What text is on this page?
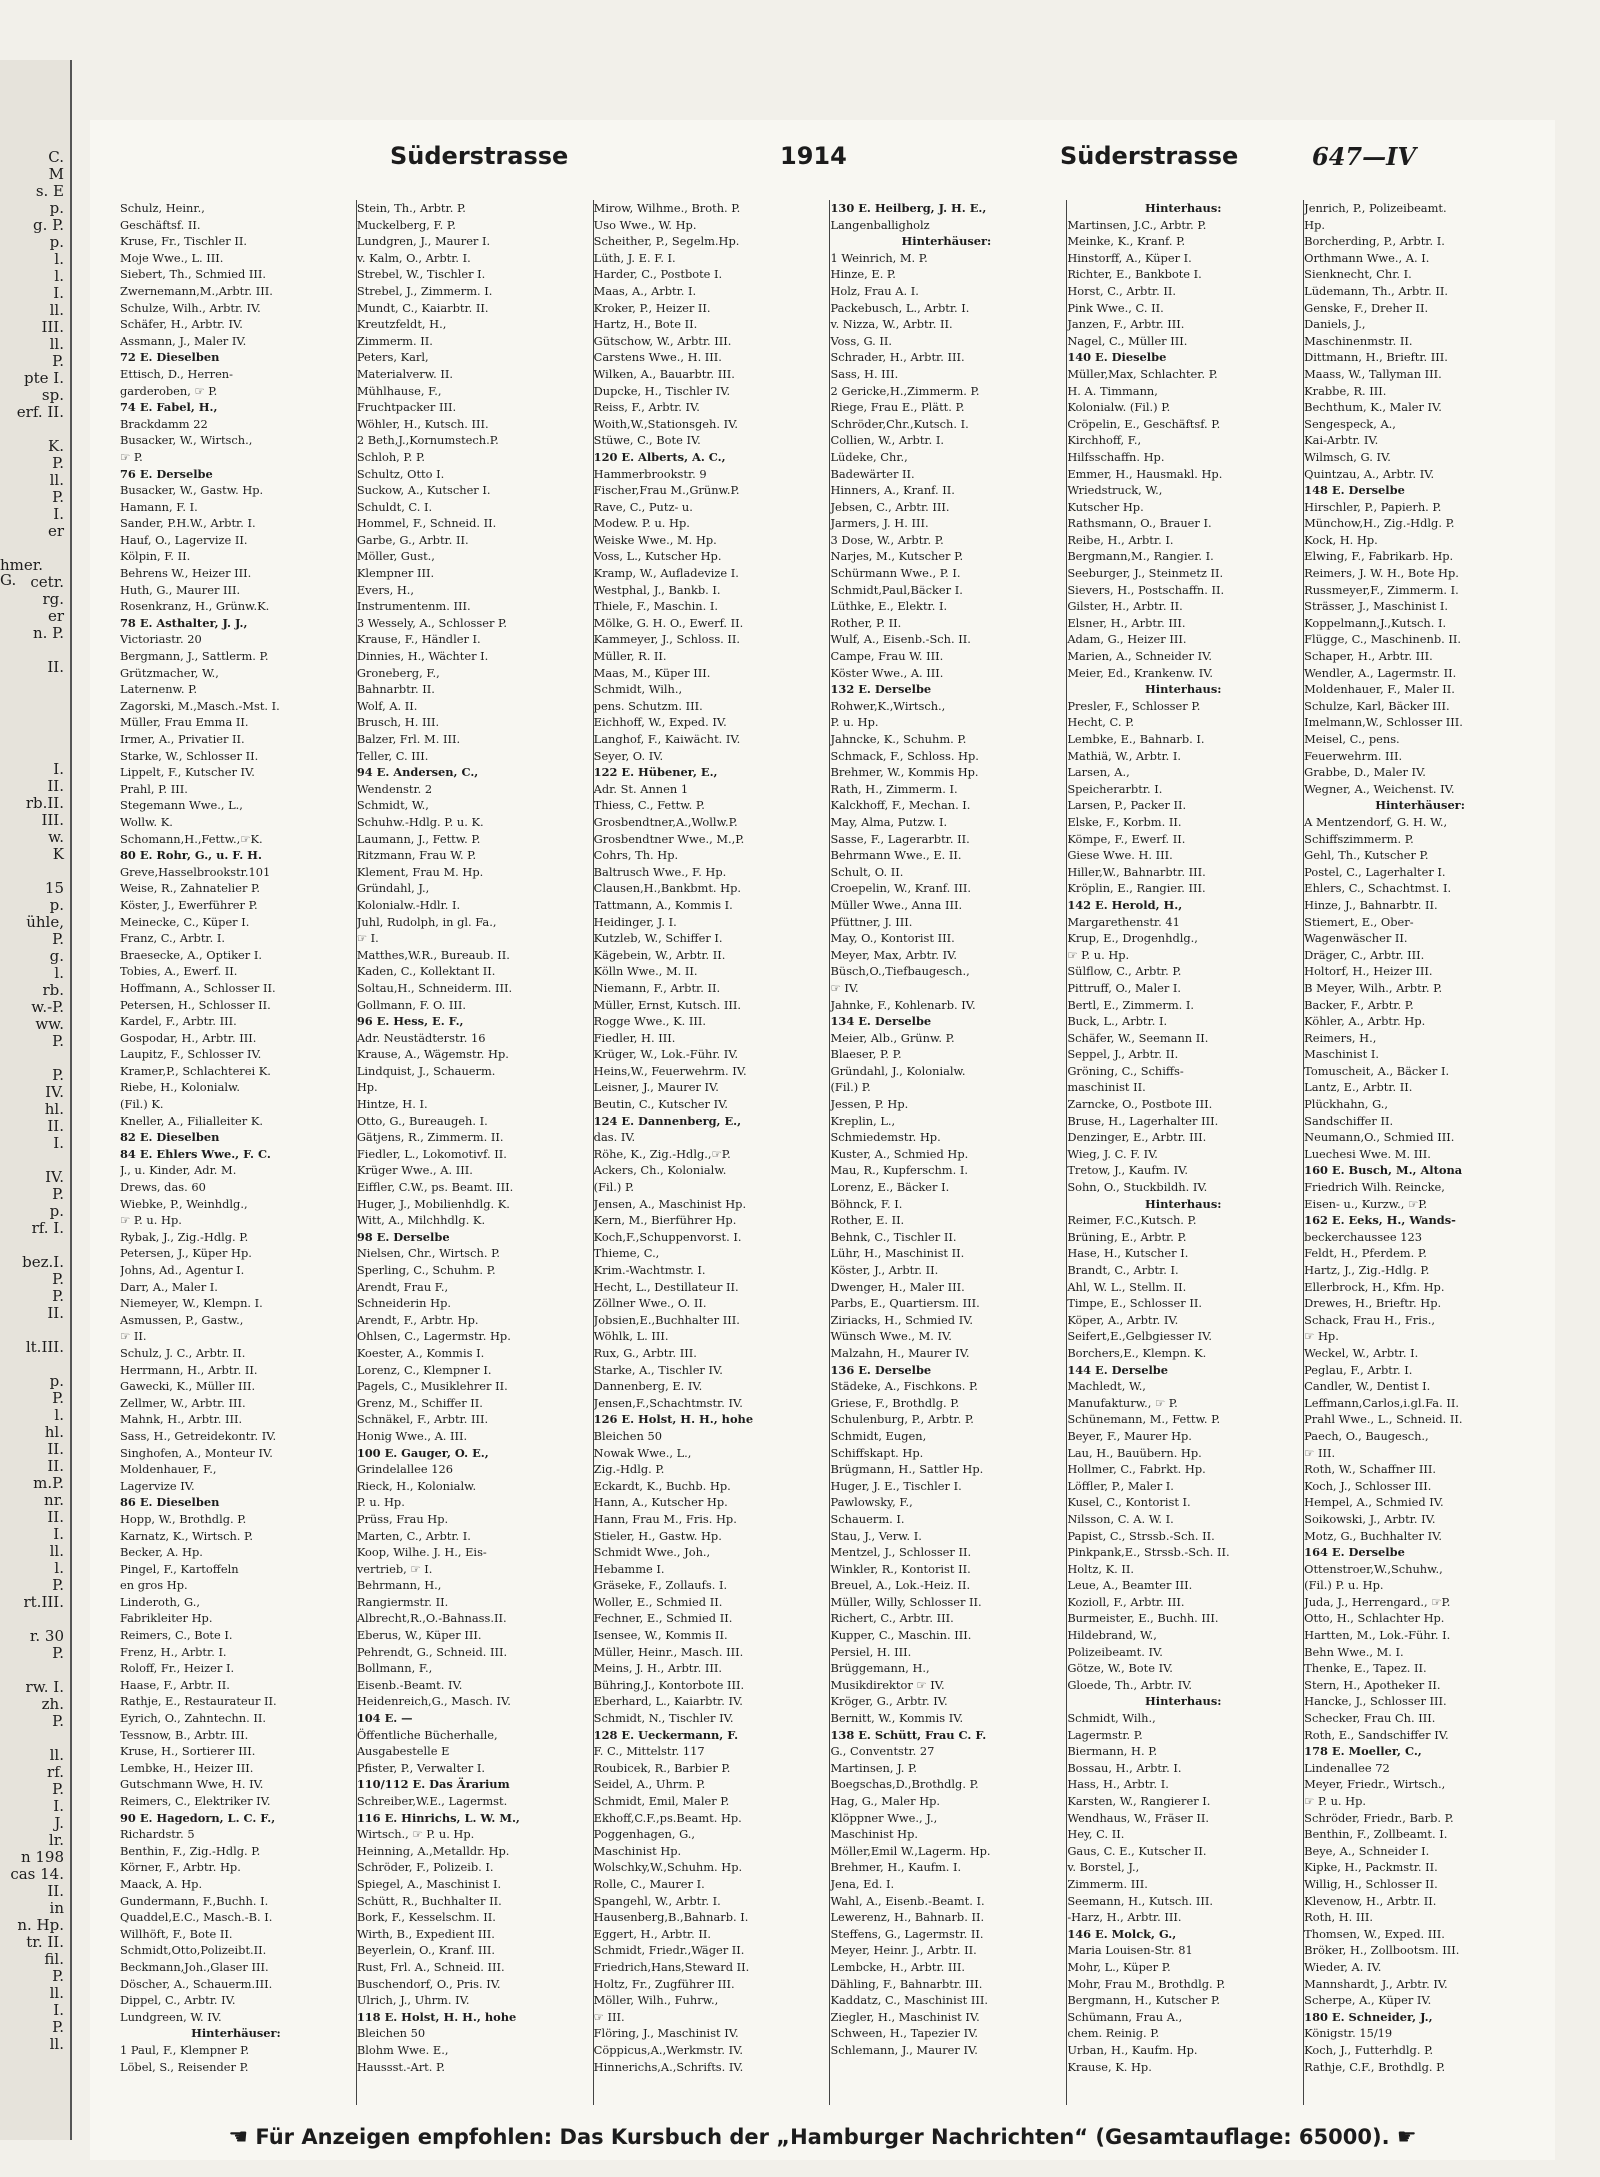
C.
M
s. E
p.
g. P.
p.
l.
l.
I.
ll.
III.
ll.
P.
pte I.
sp.
erf. II.
K.
P.
ll.
P.
I.
er
hmer. G. cetr.
rg.
er
n. P.
II.
I.
II.
rb.II.
III.
w.
K
15
p.
ühle,
P.
g.
l.
rb.
w.-P.
ww.
P.
P.
IV.
hl.
II.
I.
IV.
P.
p.
rf. I.
bez.I.
P.
P.
II.
lt.III.
p.
P.
l.
hl.
II.
II.
m.P.
nr.
II.
I.
ll.
l.
P.
rt.III.
r. 30
P.
rw. I.
zh.
P.
ll.
rf.
P.
I.
J.
lr.
n 198
cas 14.
II.
in
n. Hp.
tr. II.
fil.
P.
ll.
I.
P.
ll.
Süderstrasse	1914	Süderstrasse	647—IV
Schulz, Heinr.,
Geschäftsf. II.
Kruse, Fr., Tischler II.
Moje Wwe., L. III.
Siebert, Th., Schmied III.
Zwernemann,M.,Arbtr. III.
Schulze, Wilh., Arbtr. IV.
Schäfer, H., Arbtr. IV.
Assmann, J., Maler IV.
72 E. Dieselben
Ettisch, D., Herren-
garderoben, ☞ P.
74 E. Fabel, H.,
Brackdamm 22
Busacker, W., Wirtsch.,
☞ P.
76 E. Derselbe
Busacker, W., Gastw. Hp.
Hamann, F. I.
Sander, P.H.W., Arbtr. I.
Hauf, O., Lagervize II.
Kölpin, F. II.
Behrens W., Heizer III.
Huth, G., Maurer III.
Rosenkranz, H., Grünw.K.
78 E. Asthalter, J. J.,
Victoriastr. 20
Bergmann, J., Sattlerm. P.
Grützmacher, W.,
Laternenw. P.
Zagorski, M.,Masch.-Mst. I.
Müller, Frau Emma II.
Irmer, A., Privatier II.
Starke, W., Schlosser II.
Lippelt, F., Kutscher IV.
Prahl, P. III.
Stegemann Wwe., L.,
Wollw. K.
Schomann,H.,Fettw.,☞K.
80 E. Rohr, G., u. F. H.
Greve,Hasselbrookstr.101
Weise, R., Zahnatelier P.
Köster, J., Ewerführer P.
Meinecke, C., Küper I.
Franz, C., Arbtr. I.
Braesecke, A., Optiker I.
Tobies, A., Ewerf. II.
Hoffmann, A., Schlosser II.
Petersen, H., Schlosser II.
Kardel, F., Arbtr. III.
Gospodar, H., Arbtr. III.
Laupitz, F., Schlosser IV.
Kramer,P., Schlachterei K.
Riebe, H., Kolonialw.
(Fil.) K.
Kneller, A., Filialleiter K.
82 E. Dieselben
84 E. Ehlers Wwe., F. C.
J., u. Kinder, Adr. M.
Drews, das. 60
Wiebke, P., Weinhdlg.,
☞ P. u. Hp.
Rybak, J., Zig.-Hdlg. P.
Petersen, J., Küper Hp.
Johns, Ad., Agentur I.
Darr, A., Maler I.
Niemeyer, W., Klempn. I.
Asmussen, P., Gastw.,
☞ II.
Schulz, J. C., Arbtr. II.
Herrmann, H., Arbtr. II.
Gawecki, K., Müller III.
Zellmer, W., Arbtr. III.
Mahnk, H., Arbtr. III.
Sass, H., Getreidekontr. IV.
Singhofen, A., Monteur IV.
Moldenhauer, F.,
Lagervize IV.
86 E. Dieselben
Hopp, W., Brothdlg. P.
Karnatz, K., Wirtsch. P.
Becker, A. Hp.
Pingel, F., Kartoffeln
en gros Hp.
Linderoth, G.,
Fabrikleiter Hp.
Reimers, C., Bote I.
Frenz, H., Arbtr. I.
Roloff, Fr., Heizer I.
Haase, F., Arbtr. II.
Rathje, E., Restaurateur II.
Eyrich, O., Zahntechn. II.
Tessnow, B., Arbtr. III.
Kruse, H., Sortierer III.
Lembke, H., Heizer III.
Gutschmann Wwe, H. IV.
Reimers, C., Elektriker IV.
90 E. Hagedorn, L. C. F.,
Richardstr. 5
Benthin, F., Zig.-Hdlg. P.
Körner, F., Arbtr. Hp.
Maack, A. Hp.
Gundermann, F.,Buchh. I.
Quaddel,E.C., Masch.-B. I.
Willhöft, F., Bote II.
Schmidt,Otto,Polizeibt.II.
Beckmann,Joh.,Glaser III.
Döscher, A., Schauerm.III.
Dippel, C., Arbtr. IV.
Lundgreen, W. IV.
Hinterhäuser:
1 Paul, F., Klempner P.
Löbel, S., Reisender P.
Stein, Th., Arbtr. P.
Muckelberg, F. P.
Lundgren, J., Maurer I.
v. Kalm, O., Arbtr. I.
Strebel, W., Tischler I.
Strebel, J., Zimmerm. I.
Mundt, C., Kaiarbtr. II.
Kreutzfeldt, H.,
Zimmerm. II.
Peters, Karl,
Materialverw. II.
Mühlhause, F.,
Fruchtpacker III.
Wöhler, H., Kutsch. III.
2 Beth,J.,Kornumstech.P.
Schloh, P. P.
Schultz, Otto I.
Suckow, A., Kutscher I.
Schuldt, C. I.
Hommel, F., Schneid. II.
Garbe, G., Arbtr. II.
Möller, Gust.,
Klempner III.
Evers, H.,
Instrumentenm. III.
3 Wessely, A., Schlosser P.
Krause, F., Händler I.
Dinnies, H., Wächter I.
Groneberg, F.,
Bahnarbtr. II.
Wolf, A. II.
Brusch, H. III.
Balzer, Frl. M. III.
Teller, C. III.
94 E. Andersen, C.,
Wendenstr. 2
Schmidt, W.,
Schuhw.-Hdlg. P. u. K.
Laumann, J., Fettw. P.
Ritzmann, Frau W. P.
Klement, Frau M. Hp.
Gründahl, J.,
Kolonialw.-Hdlr. I.
Juhl, Rudolph, in gl. Fa.,
☞ I.
Matthes,W.R., Bureaub. II.
Kaden, C., Kollektant II.
Soltau,H., Schneiderm. III.
Gollmann, F. O. III.
96 E. Hess, E. F.,
Adr. Neustädterstr. 16
Krause, A., Wägemstr. Hp.
Lindquist, J., Schauerm.
Hp.
Hintze, H. I.
Otto, G., Bureaugeh. I.
Gätjens, R., Zimmerm. II.
Fiedler, L., Lokomotivf. II.
Krüger Wwe., A. III.
Eiffler, C.W., ps. Beamt. III.
Huger, J., Mobilienhdlg. K.
Witt, A., Milchhdlg. K.
98 E. Derselbe
Nielsen, Chr., Wirtsch. P.
Sperling, C., Schuhm. P.
Arendt, Frau F.,
Schneiderin Hp.
Arendt, F., Arbtr. Hp.
Ohlsen, C., Lagermstr. Hp.
Koester, A., Kommis I.
Lorenz, C., Klempner I.
Pagels, C., Musiklehrer II.
Grenz, M., Schiffer II.
Schnäkel, F., Arbtr. III.
Honig Wwe., A. III.
100 E. Gauger, O. E.,
Grindelallee 126
Rieck, H., Kolonialw.
P. u. Hp.
Prüss, Frau Hp.
Marten, C., Arbtr. I.
Koop, Wilhe. J. H., Eis-
vertrieb, ☞ I.
Behrmann, H.,
Rangiermstr. II.
Albrecht,R.,O.-Bahnass.II.
Eberus, W., Küper III.
Pehrendt, G., Schneid. III.
Bollmann, F.,
Eisenb.-Beamt. IV.
Heidenreich,G., Masch. IV.
104 E. —
Öffentliche Bücherhalle,
Ausgabestelle E
Pfister, P., Verwalter I.
110/112 E. Das Ärarium
Schreiber,W.E., Lagermst.
116 E. Hinrichs, L. W. M.,
Wirtsch., ☞ P. u. Hp.
Heinning, A.,Metalldr. Hp.
Schröder, F., Polizeib. I.
Spiegel, A., Maschinist I.
Schütt, R., Buchhalter II.
Bork, F., Kesselschm. II.
Wirth, B., Expedient III.
Beyerlein, O., Kranf. III.
Rust, Frl. A., Schneid. III.
Buschendorf, O., Pris. IV.
Ulrich, J., Uhrm. IV.
118 E. Holst, H. H., hohe
Bleichen 50
Blohm Wwe. E.,
Haussst.-Art. P.
Mirow, Wilhme., Broth. P.
Uso Wwe., W. Hp.
Scheither, P., Segelm.Hp.
Lüth, J. E. F. I.
Harder, C., Postbote I.
Maas, A., Arbtr. I.
Kroker, P., Heizer II.
Hartz, H., Bote II.
Gütschow, W., Arbtr. III.
Carstens Wwe., H. III.
Wilken, A., Bauarbtr. III.
Dupcke, H., Tischler IV.
Reiss, F., Arbtr. IV.
Woith,W.,Stationsgeh. IV.
Stüwe, C., Bote IV.
120 E. Alberts, A. C.,
Hammerbrookstr. 9
Fischer,Frau M.,Grünw.P.
Rave, C., Putz- u.
Modew. P. u. Hp.
Weiske Wwe., M. Hp.
Voss, L., Kutscher Hp.
Kramp, W., Aufladevize I.
Westphal, J., Bankb. I.
Thiele, F., Maschin. I.
Mölke, G. H. O., Ewerf. II.
Kammeyer, J., Schloss. II.
Müller, R. II.
Maas, M., Küper III.
Schmidt, Wilh.,
pens. Schutzm. III.
Eichhoff, W., Exped. IV.
Langhof, F., Kaiwächt. IV.
Seyer, O. IV.
122 E. Hübener, E.,
Adr. St. Annen 1
Thiess, C., Fettw. P.
Grosbendtner,A.,Wollw.P.
Grosbendtner Wwe., M.,P.
Cohrs, Th. Hp.
Baltrusch Wwe., F. Hp.
Clausen,H.,Bankbmt. Hp.
Tattmann, A., Kommis I.
Heidinger, J. I.
Kutzleb, W., Schiffer I.
Kägebein, W., Arbtr. II.
Kölln Wwe., M. II.
Niemann, F., Arbtr. II.
Müller, Ernst, Kutsch. III.
Rogge Wwe., K. III.
Fiedler, H. III.
Krüger, W., Lok.-Führ. IV.
Heins,W., Feuerwehrm. IV.
Leisner, J., Maurer IV.
Beutin, C., Kutscher IV.
124 E. Dannenberg, E.,
das. IV.
Röhe, K., Zig.-Hdlg.,☞P.
Ackers, Ch., Kolonialw.
(Fil.) P.
Jensen, A., Maschinist Hp.
Kern, M., Bierführer Hp.
Koch,F.,Schuppenvorst. I.
Thieme, C.,
Krim.-Wachtmstr. I.
Hecht, L., Destillateur II.
Zöllner Wwe., O. II.
Jobsien,E.,Buchhalter III.
Wöhlk, L. III.
Rux, G., Arbtr. III.
Starke, A., Tischler IV.
Dannenberg, E. IV.
Jensen,F.,Schachtmstr. IV.
126 E. Holst, H. H., hohe
Bleichen 50
Nowak Wwe., L.,
Zig.-Hdlg. P.
Eckardt, K., Buchb. Hp.
Hann, A., Kutscher Hp.
Hann, Frau M., Fris. Hp.
Stieler, H., Gastw. Hp.
Schmidt Wwe., Joh.,
Hebamme I.
Gräseke, F., Zollaufs. I.
Woller, E., Schmied II.
Fechner, E., Schmied II.
Isensee, W., Kommis II.
Müller, Heinr., Masch. III.
Meins, J. H., Arbtr. III.
Bühring,J., Kontorbote III.
Eberhard, L., Kaiarbtr. IV.
Schmidt, N., Tischler IV.
128 E. Ueckermann, F.
F. C., Mittelstr. 117
Roubicek, R., Barbier P.
Seidel, A., Uhrm. P.
Schmidt, Emil, Maler P.
Ekhoff,C.F.,ps.Beamt. Hp.
Poggenhagen, G.,
Maschinist Hp.
Wolschky,W.,Schuhm. Hp.
Rolle, C., Maurer I.
Spangehl, W., Arbtr. I.
Hausenberg,B.,Bahnarb. I.
Eggert, H., Arbtr. II.
Schmidt, Friedr.,Wäger II.
Friedrich,Hans,Steward II.
Holtz, Fr., Zugführer III.
Möller, Wilh., Fuhrw.,
☞ III.
Flöring, J., Maschinist IV.
Cöppicus,A.,Werkmstr. IV.
Hinnerichs,A.,Schrifts. IV.
130 E. Heilberg, J. H. E.,
Langenballigholz
Hinterhäuser:
1 Weinrich, M. P.
Hinze, E. P.
Holz, Frau A. I.
Packebusch, L., Arbtr. I.
v. Nizza, W., Arbtr. II.
Voss, G. II.
Schrader, H., Arbtr. III.
Sass, H. III.
2 Gericke,H.,Zimmerm. P.
Riege, Frau E., Plätt. P.
Schröder,Chr.,Kutsch. I.
Collien, W., Arbtr. I.
Lüdeke, Chr.,
Badewärter II.
Hinners, A., Kranf. II.
Jebsen, C., Arbtr. III.
Jarmers, J. H. III.
3 Dose, W., Arbtr. P.
Narjes, M., Kutscher P.
Schürmann Wwe., P. I.
Schmidt,Paul,Bäcker I.
Lüthke, E., Elektr. I.
Rother, P. II.
Wulf, A., Eisenb.-Sch. II.
Campe, Frau W. III.
Köster Wwe., A. III.
132 E. Derselbe
Rohwer,K.,Wirtsch.,
P. u. Hp.
Jahncke, K., Schuhm. P.
Schmack, F., Schloss. Hp.
Brehmer, W., Kommis Hp.
Rath, H., Zimmerm. I.
Kalckhoff, F., Mechan. I.
May, Alma, Putzw. I.
Sasse, F., Lagerarbtr. II.
Behrmann Wwe., E. II.
Schult, O. II.
Croepelin, W., Kranf. III.
Müller Wwe., Anna III.
Pfüttner, J. III.
May, O., Kontorist III.
Meyer, Max, Arbtr. IV.
Büsch,O.,Tiefbaugesch.,
☞ IV.
Jahnke, F., Kohlenarb. IV.
134 E. Derselbe
Meier, Alb., Grünw. P.
Blaeser, P. P.
Gründahl, J., Kolonialw.
(Fil.) P.
Jessen, P. Hp.
Kreplin, L.,
Schmiedemstr. Hp.
Kuster, A., Schmied Hp.
Mau, R., Kupferschm. I.
Lorenz, E., Bäcker I.
Böhnck, F. I.
Rother, E. II.
Behnk, C., Tischler II.
Lühr, H., Maschinist II.
Köster, J., Arbtr. II.
Dwenger, H., Maler III.
Parbs, E., Quartiersm. III.
Ziriacks, H., Schmied IV.
Wünsch Wwe., M. IV.
Malzahn, H., Maurer IV.
136 E. Derselbe
Städeke, A., Fischkons. P.
Griese, F., Brothdlg. P.
Schulenburg, P., Arbtr. P.
Schmidt, Eugen,
Schiffskapt. Hp.
Brügmann, H., Sattler Hp.
Huger, J. E., Tischler I.
Pawlowsky, F.,
Schauerm. I.
Stau, J., Verw. I.
Mentzel, J., Schlosser II.
Winkler, R., Kontorist II.
Breuel, A., Lok.-Heiz. II.
Müller, Willy, Schlosser II.
Richert, C., Arbtr. III.
Kupper, C., Maschin. III.
Persiel, H. III.
Brüggemann, H.,
Musikdirektor ☞ IV.
Kröger, G., Arbtr. IV.
Bernitt, W., Kommis IV.
138 E. Schütt, Frau C. F.
G., Conventstr. 27
Martinsen, J. P.
Boegschas,D.,Brothdlg. P.
Hag, G., Maler Hp.
Klöppner Wwe., J.,
Maschinist Hp.
Möller,Emil W.,Lagerm. Hp.
Brehmer, H., Kaufm. I.
Jena, Ed. I.
Wahl, A., Eisenb.-Beamt. I.
Lewerenz, H., Bahnarb. II.
Steffens, G., Lagermstr. II.
Meyer, Heinr. J., Arbtr. II.
Lembcke, H., Arbtr. III.
Dähling, F., Bahnarbtr. III.
Kaddatz, C., Maschinist III.
Ziegler, H., Maschinist IV.
Schween, H., Tapezier IV.
Schlemann, J., Maurer IV.
Hinterhaus:
Martinsen, J.C., Arbtr. P.
Meinke, K., Kranf. P.
Hinstorff, A., Küper I.
Richter, E., Bankbote I.
Horst, C., Arbtr. II.
Pink Wwe., C. II.
Janzen, F., Arbtr. III.
Nagel, C., Müller III.
140 E. Dieselbe
Müller,Max, Schlachter. P.
H. A. Timmann,
Kolonialw. (Fil.) P.
Cröpelin, E., Geschäftsf. P.
Kirchhoff, F.,
Hilfsschaffn. Hp.
Emmer, H., Hausmakl. Hp.
Wriedstruck, W.,
Kutscher Hp.
Rathsmann, O., Brauer I.
Reibe, H., Arbtr. I.
Bergmann,M., Rangier. I.
Seeburger, J., Steinmetz II.
Sievers, H., Postschaffn. II.
Gilster, H., Arbtr. II.
Elsner, H., Arbtr. III.
Adam, G., Heizer III.
Marien, A., Schneider IV.
Meier, Ed., Krankenw. IV.
Hinterhaus:
Presler, F., Schlosser P.
Hecht, C. P.
Lembke, E., Bahnarb. I.
Mathiä, W., Arbtr. I.
Larsen, A.,
Speicherarbtr. I.
Larsen, P., Packer II.
Elske, F., Korbm. II.
Kömpe, F., Ewerf. II.
Giese Wwe. H. III.
Hiller,W., Bahnarbtr. III.
Kröplin, E., Rangier. III.
142 E. Herold, H.,
Margarethenstr. 41
Krup, E., Drogenhdlg.,
☞ P. u. Hp.
Sülflow, C., Arbtr. P.
Pittruff, O., Maler I.
Bertl, E., Zimmerm. I.
Buck, L., Arbtr. I.
Schäfer, W., Seemann II.
Seppel, J., Arbtr. II.
Gröning, C., Schiffs-
maschinist II.
Zarncke, O., Postbote III.
Bruse, H., Lagerhalter III.
Denzinger, E., Arbtr. III.
Wieg, J. C. F. IV.
Tretow, J., Kaufm. IV.
Sohn, O., Stuckbildh. IV.
Hinterhaus:
Reimer, F.C.,Kutsch. P.
Brüning, E., Arbtr. P.
Hase, H., Kutscher I.
Brandt, C., Arbtr. I.
Ahl, W. L., Stellm. II.
Timpe, E., Schlosser II.
Köper, A., Arbtr. IV.
Seifert,E.,Gelbgiesser IV.
Borchers,E., Klempn. K.
144 E. Derselbe
Machledt, W.,
Manufakturw., ☞ P.
Schünemann, M., Fettw. P.
Beyer, F., Maurer Hp.
Lau, H., Bauübern. Hp.
Hollmer, C., Fabrkt. Hp.
Löffler, P., Maler I.
Kusel, C., Kontorist I.
Nilsson, C. A. W. I.
Papist, C., Strssb.-Sch. II.
Pinkpank,E., Strssb.-Sch. II.
Holtz, K. II.
Leue, A., Beamter III.
Kozioll, F., Arbtr. III.
Burmeister, E., Buchh. III.
Hildebrand, W.,
Polizeibeamt. IV.
Götze, W., Bote IV.
Gloede, Th., Arbtr. IV.
Hinterhaus:
Schmidt, Wilh.,
Lagermstr. P.
Biermann, H. P.
Bossau, H., Arbtr. I.
Hass, H., Arbtr. I.
Karsten, W., Rangierer I.
Wendhaus, W., Fräser II.
Hey, C. II.
Gaus, C. E., Kutscher II.
v. Borstel, J.,
Zimmerm. III.
Seemann, H., Kutsch. III.
-Harz, H., Arbtr. III.
146 E. Molck, G.,
Maria Louisen-Str. 81
Mohr, L., Küper P.
Mohr, Frau M., Brothdlg. P.
Bergmann, H., Kutscher P.
Schümann, Frau A.,
chem. Reinig. P.
Urban, H., Kaufm. Hp.
Krause, K. Hp.
Jenrich, P., Polizeibeamt.
Hp.
Borcherding, P., Arbtr. I.
Orthmann Wwe., A. I.
Sienknecht, Chr. I.
Lüdemann, Th., Arbtr. II.
Genske, F., Dreher II.
Daniels, J.,
Maschinenmstr. II.
Dittmann, H., Brieftr. III.
Maass, W., Tallyman III.
Krabbe, R. III.
Bechthum, K., Maler IV.
Sengespeck, A.,
Kai-Arbtr. IV.
Wilmsch, G. IV.
Quintzau, A., Arbtr. IV.
148 E. Derselbe
Hirschler, P., Papierh. P.
Münchow,H., Zig.-Hdlg. P.
Kock, H. Hp.
Elwing, F., Fabrikarb. Hp.
Reimers, J. W. H., Bote Hp.
Russmeyer,F., Zimmerm. I.
Strässer, J., Maschinist I.
Koppelmann,J.,Kutsch. I.
Flügge, C., Maschinenb. II.
Schaper, H., Arbtr. III.
Wendler, A., Lagermstr. II.
Moldenhauer, F., Maler II.
Schulze, Karl, Bäcker III.
Imelmann,W., Schlosser III.
Meisel, C., pens.
Feuerwehrm. III.
Grabbe, D., Maler IV.
Wegner, A., Weichenst. IV.
Hinterhäuser:
A Mentzendorf, G. H. W.,
Schiffszimmerm. P.
Gehl, Th., Kutscher P.
Postel, C., Lagerhalter I.
Ehlers, C., Schachtmst. I.
Hinze, J., Bahnarbtr. II.
Stiemert, E., Ober-
Wagenwäscher II.
Dräger, C., Arbtr. III.
Holtorf, H., Heizer III.
B Meyer, Wilh., Arbtr. P.
Backer, F., Arbtr. P.
Köhler, A., Arbtr. Hp.
Reimers, H.,
Maschinist I.
Tomuscheit, A., Bäcker I.
Lantz, E., Arbtr. II.
Plückhahn, G.,
Sandschiffer II.
Neumann,O., Schmied III.
Luechesi Wwe. M. III.
160 E. Busch, M., Altona
Friedrich Wilh. Reincke,
Eisen- u., Kurzw., ☞P.
162 E. Eeks, H., Wands-
beckerchaussee 123
Feldt, H., Pferdem. P.
Hartz, J., Zig.-Hdlg. P.
Ellerbrock, H., Kfm. Hp.
Drewes, H., Brieftr. Hp.
Schack, Frau H., Fris.,
☞ Hp.
Weckel, W., Arbtr. I.
Peglau, F., Arbtr. I.
Candler, W., Dentist I.
Leffmann,Carlos,i.gl.Fa. II.
Prahl Wwe., L., Schneid. II.
Paech, O., Baugesch.,
☞ III.
Roth, W., Schaffner III.
Koch, J., Schlosser III.
Hempel, A., Schmied IV.
Soikowski, J., Arbtr. IV.
Motz, G., Buchhalter IV.
164 E. Derselbe
Ottenstroer,W.,Schuhw.,
(Fil.) P. u. Hp.
Juda, J., Herrengard., ☞P.
Otto, H., Schlachter Hp.
Hartten, M., Lok.-Führ. I.
Behn Wwe., M. I.
Thenke, E., Tapez. II.
Stern, H., Apotheker II.
Hancke, J., Schlosser III.
Schecker, Frau Ch. III.
Roth, E., Sandschiffer IV.
178 E. Moeller, C.,
Lindenallee 72
Meyer, Friedr., Wirtsch.,
☞ P. u. Hp.
Schröder, Friedr., Barb. P.
Benthin, F., Zollbeamt. I.
Beye, A., Schneider I.
Kipke, H., Packmstr. II.
Willig, H., Schlosser II.
Klevenow, H., Arbtr. II.
Roth, H. III.
Thomsen, W., Exped. III.
Bröker, H., Zollbootsm. III.
Wieder, A. IV.
Mannshardt, J., Arbtr. IV.
Scherpe, A., Küper IV.
180 E. Schneider, J.,
Königstr. 15/19
Koch, J., Futterhdlg. P.
Rathje, C.F., Brothdlg. P.
☚ Für Anzeigen empfohlen: Das Kursbuch der „Hamburger Nachrichten“ (Gesamtauflage: 65000). ☛
